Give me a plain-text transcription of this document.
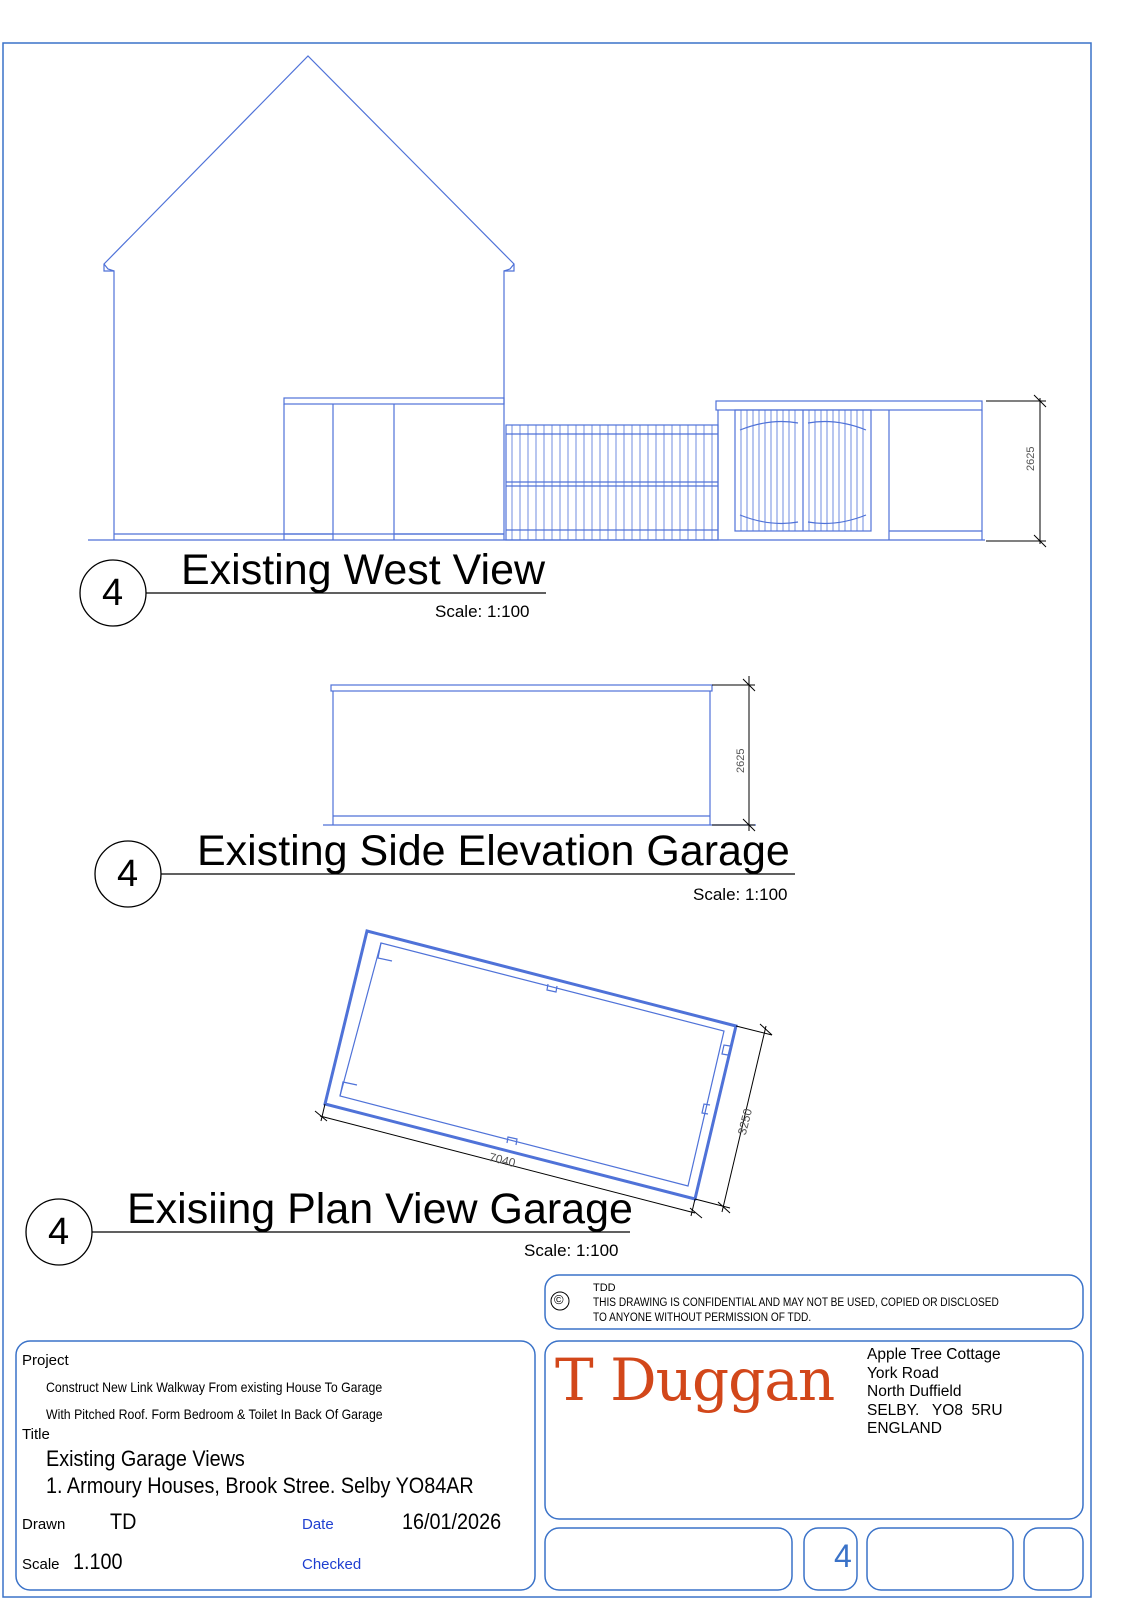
4 Existing West View
Scale: 1:100
2625
4 Existing Side Elevation Garage
Scale: 1:100
2625
4 Exisiing Plan View Garage
Scale: 1:100
7040
3250
©
TDD
THIS DRAWING IS CONFIDENTIAL AND MAY NOT BE USED, COPIED OR DISCLOSED
TO ANYONE WITHOUT PERMISSION OF TDD.
Project
Construct New Link Walkway From existing House To Garage
With Pitched Roof. Form Bedroom & Toilet In Back Of Garage
Title
Existing Garage Views
1. Armoury Houses, Brook Stree. Selby YO84AR
Drawn TD	Date	16/01/2026
Scale 1.100	Checked
T Duggan Apple Tree Cottage
York Road
North Duffield
SELBY.   YO8  5RU
ENGLAND
4
